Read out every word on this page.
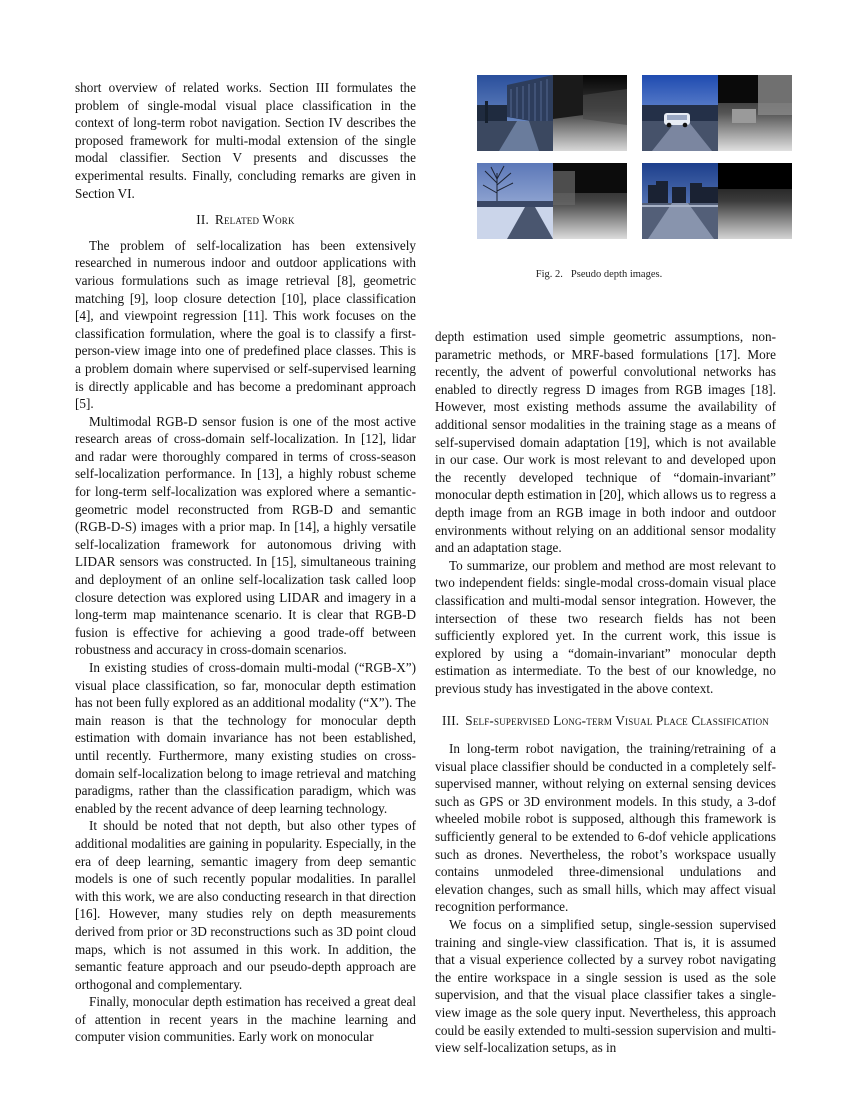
short overview of related works. Section III formulates the problem of single-modal visual place classification in the context of long-term robot navigation. Section IV describes the proposed framework for multi-modal extension of the single modal classifier. Section V presents and discusses the experimental results. Finally, concluding remarks are given in Section VI.

II. Related Work

The problem of self-localization has been extensively researched in numerous indoor and outdoor applications with various formulations such as image retrieval [8], geometric matching [9], loop closure detection [10], place classification [4], and viewpoint regression [11]. This work focuses on the classification formulation, where the goal is to classify a first-person-view image into one of predefined place classes. This is a problem domain where supervised or self-supervised learning is directly applicable and has become a predominant approach [5].

Multimodal RGB-D sensor fusion is one of the most active research areas of cross-domain self-localization. In [12], lidar and radar were thoroughly compared in terms of cross-season self-localization performance. In [13], a highly robust scheme for long-term self-localization was explored where a semantic-geometric model reconstructed from RGB-D and semantic (RGB-D-S) images with a prior map. In [14], a highly versatile self-localization framework for autonomous driving with LIDAR sensors was constructed. In [15], simultaneous training and deployment of an online self-localization task called loop closure detection was explored using LIDAR and imagery in a long-term map maintenance scenario. It is clear that RGB-D fusion is effective for achieving a good trade-off between robustness and accuracy in cross-domain scenarios.

In existing studies of cross-domain multi-modal (“RGB-X”) visual place classification, so far, monocular depth estimation has not been fully explored as an additional modality (“X”). The main reason is that the technology for monocular depth estimation with domain invariance has not been established, until recently. Furthermore, many existing studies on cross-domain self-localization belong to image retrieval and matching paradigms, rather than the classification paradigm, which was enabled by the recent advance of deep learning technology.

It should be noted that not depth, but also other types of additional modalities are gaining in popularity. Especially, in the era of deep learning, semantic imagery from deep semantic models is one of such recently popular modalities. In parallel with this work, we are also conducting research in that direction [16]. However, many studies rely on depth measurements derived from prior or 3D reconstructions such as 3D point cloud maps, which is not assumed in this work. In addition, the semantic feature approach and our pseudo-depth approach are orthogonal and complementary.

Finally, monocular depth estimation has received a great deal of attention in recent years in the machine learning and computer vision communities. Early work on monocular

Fig. 2. Pseudo depth images.

depth estimation used simple geometric assumptions, non-parametric methods, or MRF-based formulations [17]. More recently, the advent of powerful convolutional networks has enabled to directly regress D images from RGB images [18]. However, most existing methods assume the availability of additional sensor modalities in the training stage as a means of self-supervised domain adaptation [19], which is not available in our case. Our work is most relevant to and developed upon the recently developed technique of “domain-invariant” monocular depth estimation in [20], which allows us to regress a depth image from an RGB image in both indoor and outdoor environments without relying on an additional sensor modality and an adaptation stage.

To summarize, our problem and method are most relevant to two independent fields: single-modal cross-domain visual place classification and multi-modal sensor integration. However, the intersection of these two research fields has not been sufficiently explored yet. In the current work, this issue is explored by using a “domain-invariant” monocular depth estimation as intermediate. To the best of our knowledge, no previous study has investigated in the above context.

III. Self-supervised Long-term Visual Place Classification

In long-term robot navigation, the training/retraining of a visual place classifier should be conducted in a completely self-supervised manner, without relying on external sensing devices such as GPS or 3D environment models. In this study, a 3-dof wheeled mobile robot is supposed, although this framework is sufficiently general to be extended to 6-dof vehicle applications such as drones. Nevertheless, the robot’s workspace usually contains unmodeled three-dimensional undulations and elevation changes, such as small hills, which may affect visual recognition performance.

We focus on a simplified setup, single-session supervised training and single-view classification. That is, it is assumed that a visual experience collected by a survey robot navigating the entire workspace in a single session is used as the sole supervision, and that the visual place classifier takes a single-view image as the sole query input. Nevertheless, this approach could be easily extended to multi-session supervision and multi-view self-localization setups, as in
